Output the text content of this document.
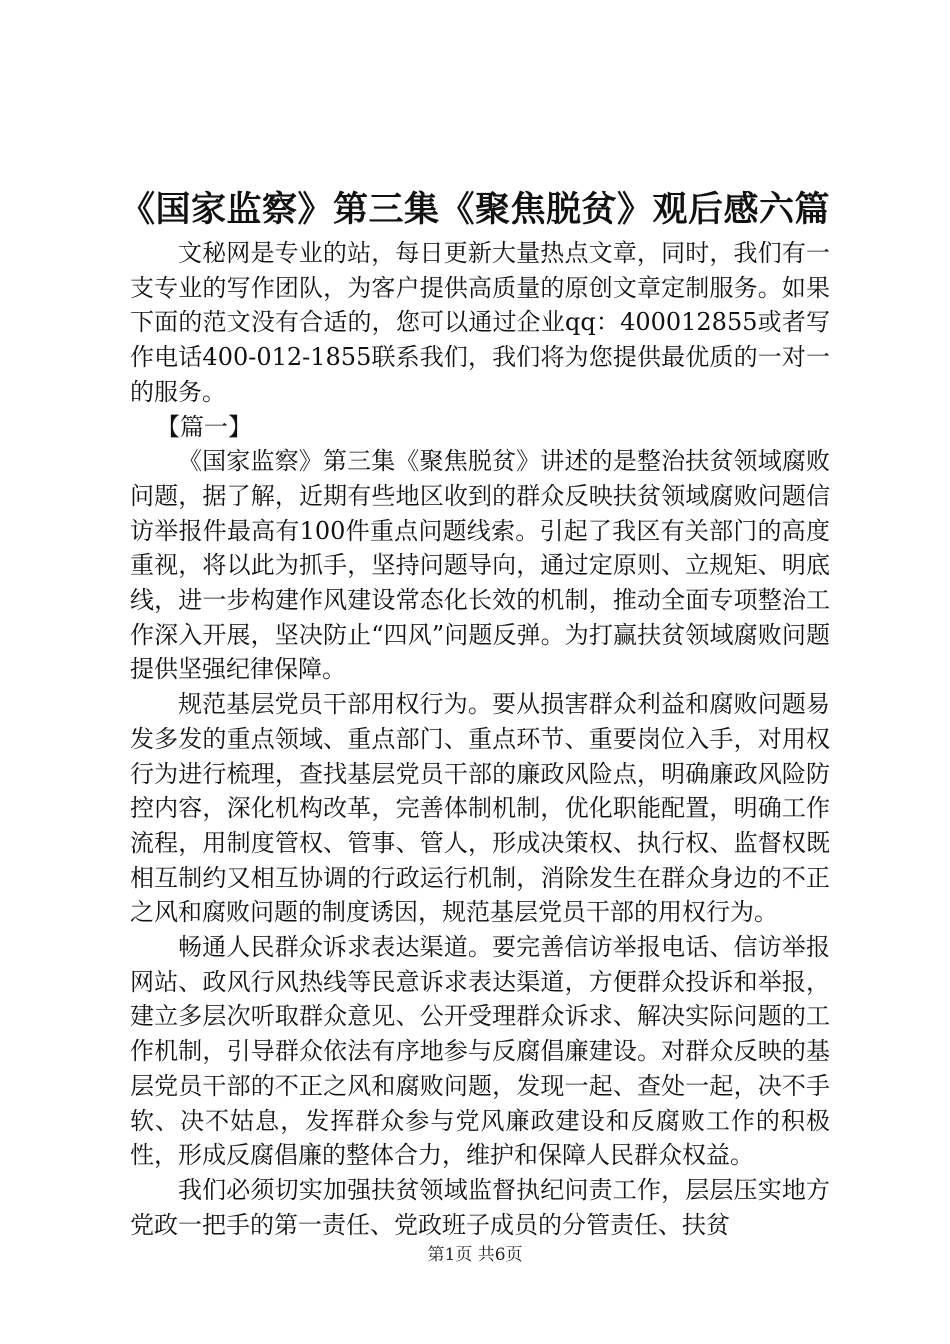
《国家监察》第三集《聚焦脱贫》观后感六篇

文秘网是专业的站，每日更新大量热点文章，同时，我们有一支专业的写作团队，为客户提供高质量的原创文章定制服务。如果下面的范文没有合适的，您可以通过企业qq：400012855或者写作电话400-012-1855联系我们，我们将为您提供最优质的一对一的服务。

【篇一】

《国家监察》第三集《聚焦脱贫》讲述的是整治扶贫领域腐败问题，据了解，近期有些地区收到的群众反映扶贫领域腐败问题信访举报件最高有100件重点问题线索。引起了我区有关部门的高度重视，将以此为抓手，坚持问题导向，通过定原则、立规矩、明底线，进一步构建作风建设常态化长效的机制，推动全面专项整治工作深入开展，坚决防止“四风”问题反弹。为打赢扶贫领域腐败问题提供坚强纪律保障。

规范基层党员干部用权行为。要从损害群众利益和腐败问题易发多发的重点领域、重点部门、重点环节、重要岗位入手，对用权行为进行梳理，查找基层党员干部的廉政风险点，明确廉政风险防控内容，深化机构改革，完善体制机制，优化职能配置，明确工作流程，用制度管权、管事、管人，形成决策权、执行权、监督权既相互制约又相互协调的行政运行机制，消除发生在群众身边的不正之风和腐败问题的制度诱因，规范基层党员干部的用权行为。

畅通人民群众诉求表达渠道。要完善信访举报电话、信访举报网站、政风行风热线等民意诉求表达渠道，方便群众投诉和举报，建立多层次听取群众意见、公开受理群众诉求、解决实际问题的工作机制，引导群众依法有序地参与反腐倡廉建设。对群众反映的基层党员干部的不正之风和腐败问题，发现一起、查处一起，决不手软、决不姑息，发挥群众参与党风廉政建设和反腐败工作的积极性，形成反腐倡廉的整体合力，维护和保障人民群众权益。

我们必须切实加强扶贫领域监督执纪问责工作，层层压实地方党政一把手的第一责任、党政班子成员的分管责任、扶贫

第1页 共6页
